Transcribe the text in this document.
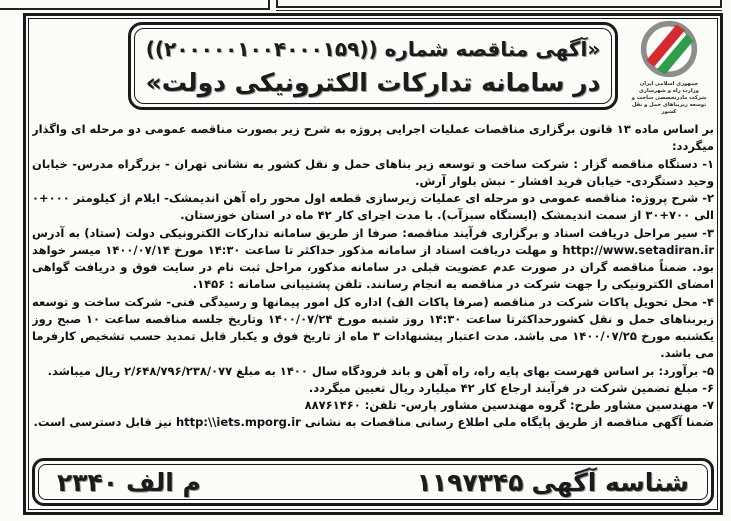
جمهوری اسلامی ایران
وزارت راه و شهرسازی
شرکت مادرتخصصی ساخت و توسعه زیربناهای حمل و نقل کشور
«آگهی مناقصه شماره ((۲۰۰۰۰۰۱۰۰۴۰۰۰۱۵۹))
در سامانه تدارکات الکترونیکی دولت»

بر اساس ماده ۱۳ قانون برگزاری مناقصات عملیات اجرایی پروژه به شرح زیر بصورت مناقصه عمومی دو مرحله ای واگذار میگردد:

۱- دستگاه مناقصه گزار : شرکت ساخت و توسعه زیر بناهای حمل و نقل کشور به نشانی تهران - بزرگراه مدرس- خیابان وحید دستگردی- خیابان فرید افشار - نبش بلوار آرش.

۲- شرح پروژه: مناقصه عمومی دو مرحله ای عملیات زیرسازی قطعه اول محور راه آهن اندیمشک- ایلام از کیلومتر ۰۰۰+۰ الی ۷۰۰+۳۰ از سمت اندیمشک (ایستگاه سبزآب). با مدت اجرای کار ۴۲ ماه در استان خوزستان.

۳- سیر مراحل دریافت اسناد و برگزاری فرآیند مناقصه: صرفا از طریق سامانه تدارکات الکترونیکی دولت (ستاد) به آدرس http://www.setadiran.ir و مهلت دریافت اسناد از سامانه مذکور حداکثر تا ساعت ۱۴:۳۰ مورخ ۱۴۰۰/۰۷/۱۴ میسر خواهد بود. ضمناً مناقصه گران در صورت عدم عضویت قبلی در سامانه مذکور، مراحل ثبت نام در سایت فوق و دریافت گواهی امضای الکترونیکی را جهت شرکت در مناقصه به انجام رسانند. تلفن پشتیبانی سامانه : ۱۴۵۶.

۴- محل تحویل پاکات شرکت در مناقصه (صرفا پاکات الف) اداره کل امور پیمانها و رسیدگی فنی- شرکت ساخت و توسعه زیربناهای حمل و نقل کشورحداکثرتا ساعت ۱۴:۳۰ روز شنبه مورخ ۱۴۰۰/۰۷/۲۴ وتاریخ جلسه مناقصه ساعت ۱۰ صبح روز یکشنبه مورخ ۱۴۰۰/۰۷/۲۵ می باشد. مدت اعتبار پیشنهادات ۳ ماه از تاریخ فوق و یکبار قابل تمدید حسب تشخیص کارفرما می باشد.

۵- برآورد: بر اساس فهرست بهای پایه راه، راه آهن و باند فرودگاه سال ۱۴۰۰ به مبلغ ۲/۶۴۸/۷۹۶/۲۳۸/۰۷۷ ریال میباشد.

۶- مبلغ تضمین شرکت در فرآیند ارجاع کار ۴۲ میلیارد ریال تعیین میگردد.

۷- مهندسین مشاور طرح: گروه مهندسین مشاور پارس- تلفن: ۸۸۷۶۱۴۶۰

ضمنا آگهی مناقصه از طریق پایگاه ملی اطلاع رسانی مناقصات به نشانی http:\\iets.mporg.ir نیز قابل دسترسی است.

شناسه آگهی۱۱۹۷۳۴۵
م الف۲۳۴۰
